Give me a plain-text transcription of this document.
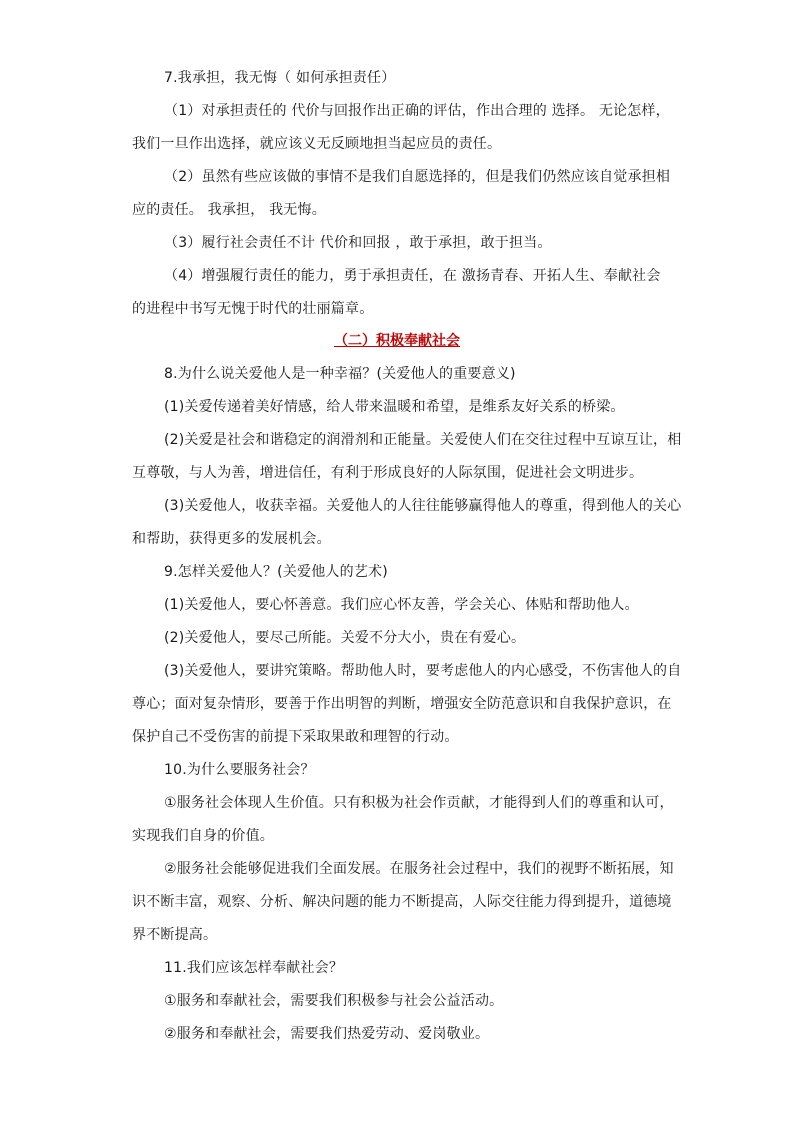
7.我承担，我无悔（ 如何承担责任）
（1）对承担责任的 代价与回报作出正确的评估，作出合理的 选择。 无论怎样，
我们一旦作出选择，就应该义无反顾地担当起应员的责任。
（2）虽然有些应该做的事情不是我们自愿选择的，但是我们仍然应该自觉承担相
应的责任。 我承担， 我无悔。
（3）履行社会责任不计 代价和回报 ，敢于承担，敢于担当。
（4）增强履行责任的能力，勇于承担责任，在 激扬青春、开拓人生、奉献社会
的进程中书写无愧于时代的壮丽篇章。
（二）积极奉献社会
8.为什么说关爱他人是一种幸福？(关爱他人的重要意义)
(1)关爱传递着美好情感，给人带来温暖和希望，是维系友好关系的桥梁。
(2)关爱是社会和谐稳定的润滑剂和正能量。关爱使人们在交往过程中互谅互让，相
互尊敬，与人为善，增进信任，有利于形成良好的人际氛围，促进社会文明进步。
(3)关爱他人，收获幸福。关爱他人的人往往能够赢得他人的尊重，得到他人的关心
和帮助，获得更多的发展机会。
9.怎样关爱他人？(关爱他人的艺术)
(1)关爱他人，要心怀善意。我们应心怀友善，学会关心、体贴和帮助他人。
(2)关爱他人，要尽己所能。关爱不分大小，贵在有爱心。
(3)关爱他人，要讲究策略。帮助他人时，要考虑他人的内心感受，不伤害他人的自
尊心；面对复杂情形，要善于作出明智的判断，增强安全防范意识和自我保护意识，在
保护自己不受伤害的前提下采取果敢和理智的行动。
10.为什么要服务社会？
①服务社会体现人生价值。只有积极为社会作贡献，才能得到人们的尊重和认可，
实现我们自身的价值。
②服务社会能够促进我们全面发展。在服务社会过程中，我们的视野不断拓展，知
识不断丰富，观察、分析、解决问题的能力不断提高，人际交往能力得到提升，道德境
界不断提高。
11.我们应该怎样奉献社会？
①服务和奉献社会，需要我们积极参与社会公益活动。
②服务和奉献社会，需要我们热爱劳动、爱岗敬业。
